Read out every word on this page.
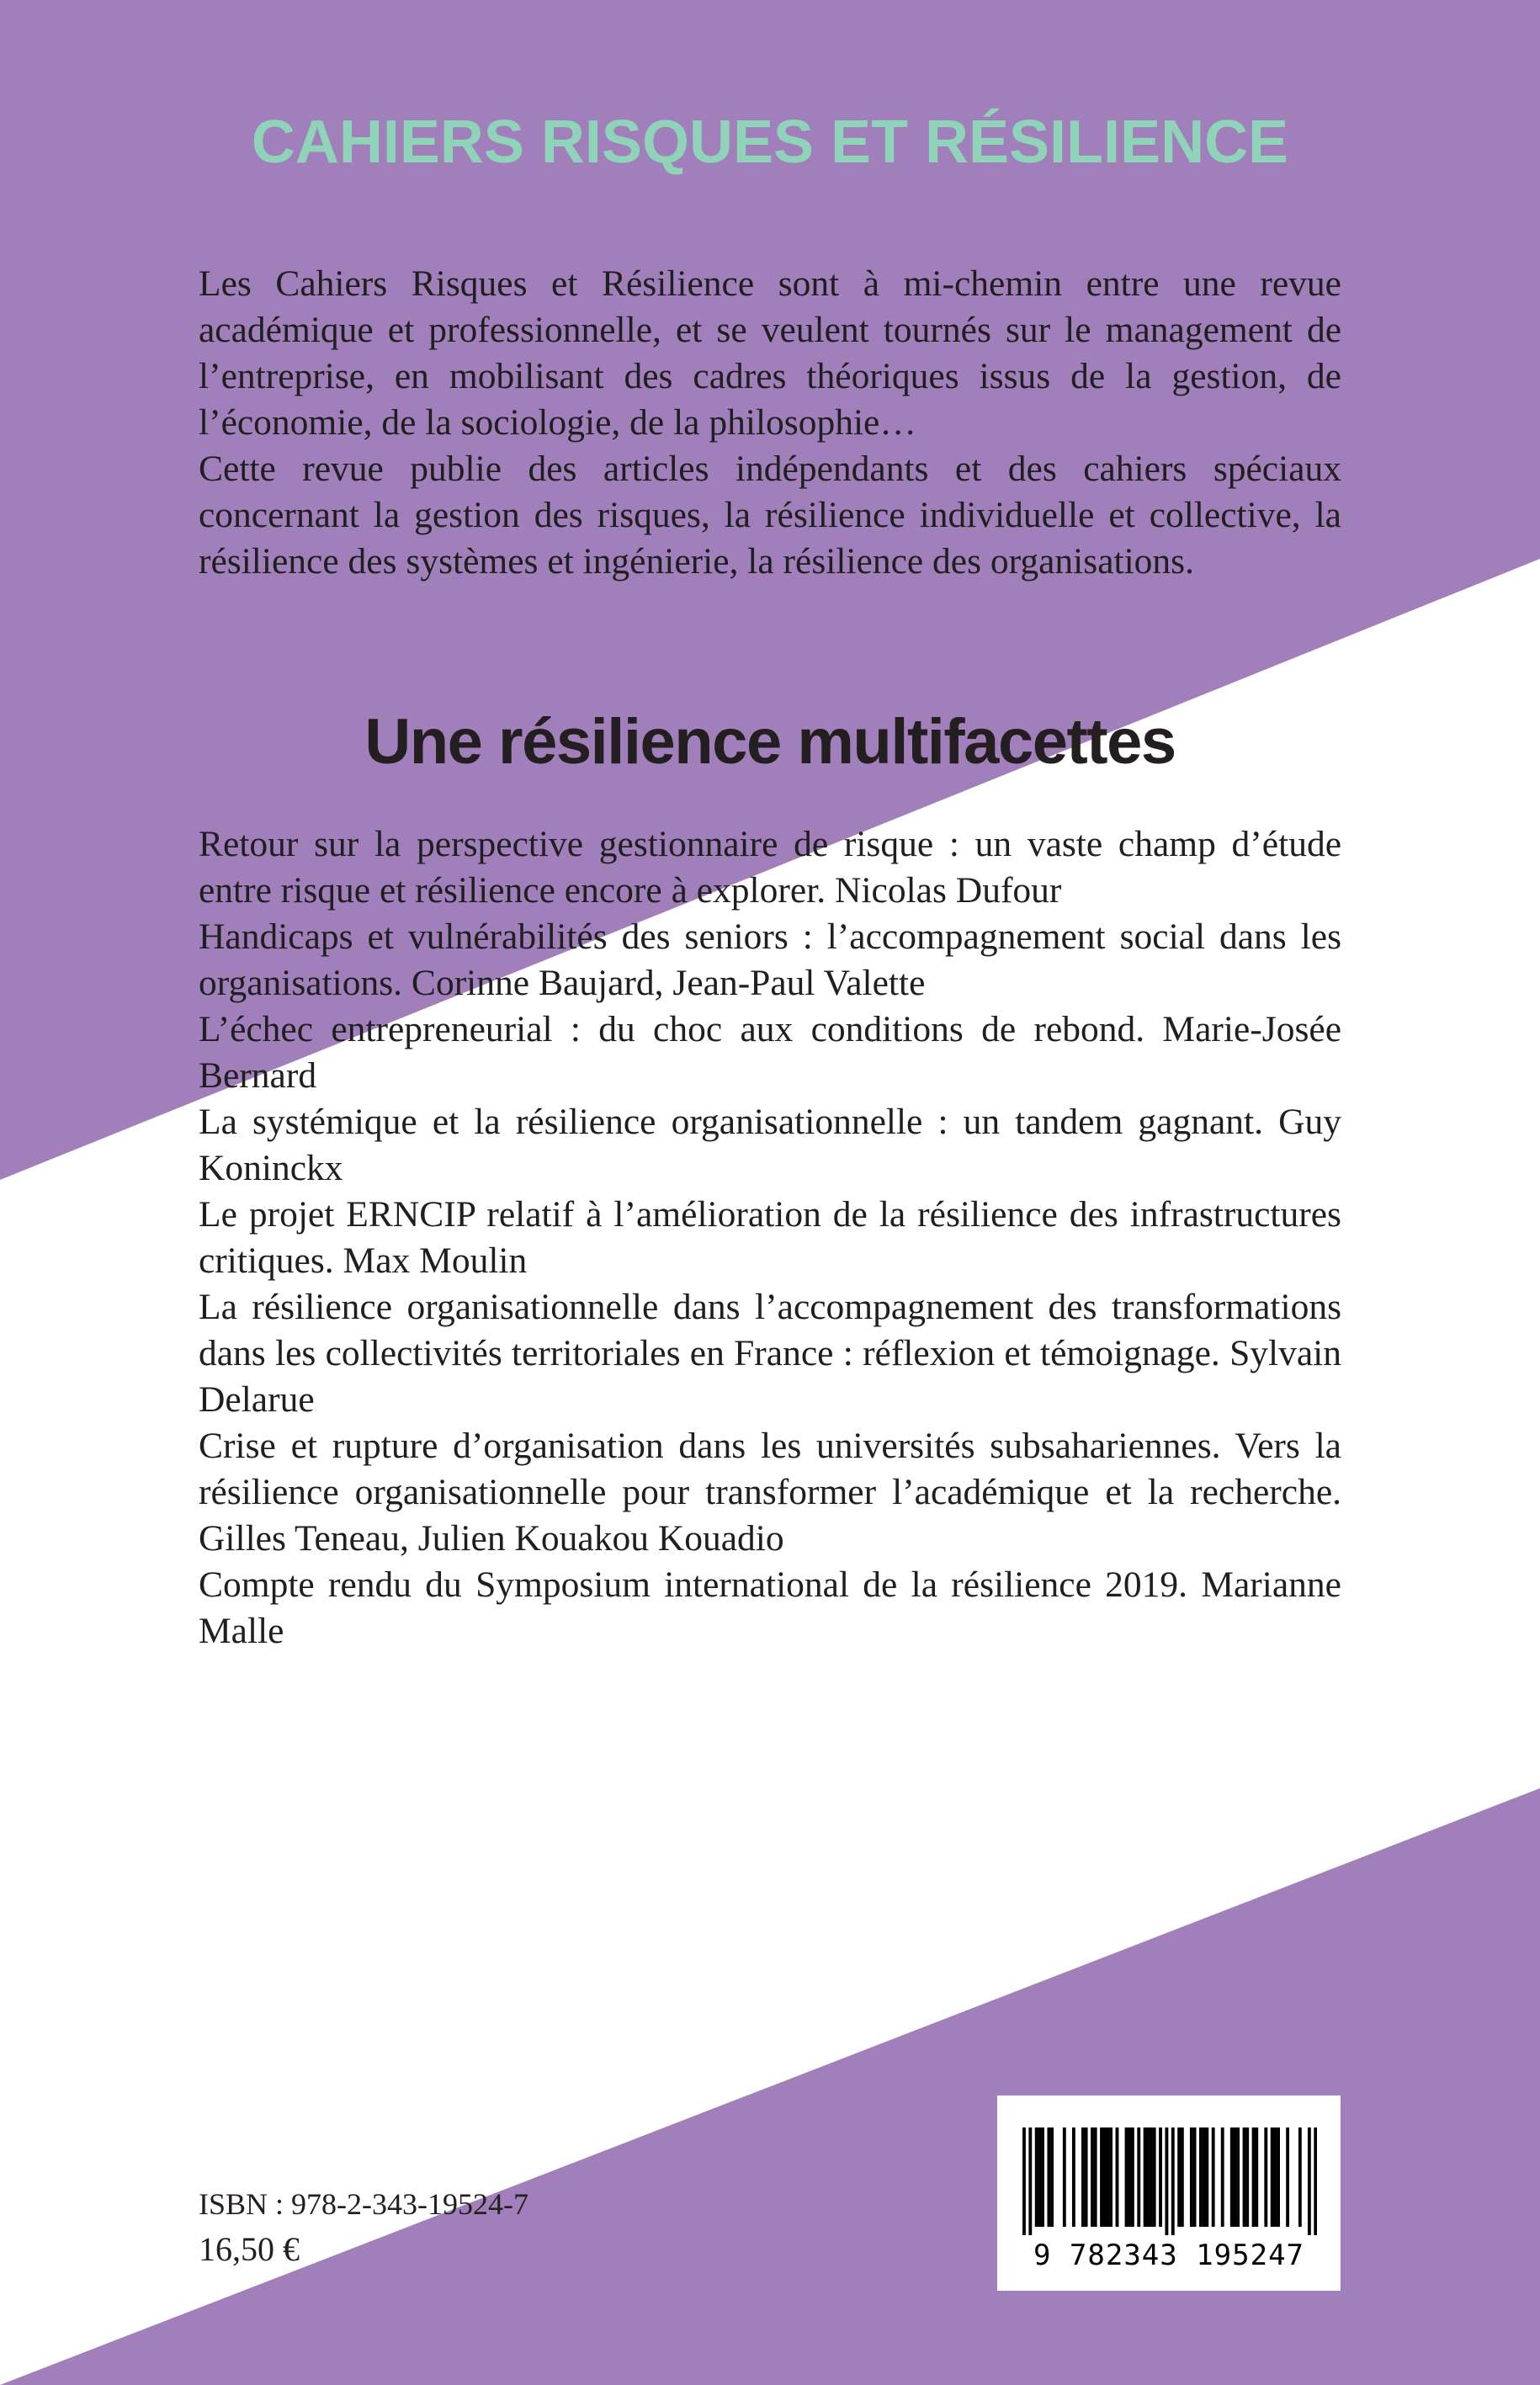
CAHIERS RISQUES ET RÉSILIENCE

Les Cahiers Risques et Résilience sont à mi-chemin entre une revue académique et professionnelle, et se veulent tournés sur le management de l’entreprise, en mobilisant des cadres théoriques issus de la gestion, de l’économie, de la sociologie, de la philosophie…

Cette revue publie des articles indépendants et des cahiers spéciaux concernant la gestion des risques, la résilience individuelle et collective, la résilience des systèmes et ingénierie, la résilience des organisations.

Une résilience multifacettes

Retour sur la perspective gestionnaire de risque : un vaste champ d’étude entre risque et résilience encore à explorer. Nicolas Dufour

Handicaps et vulnérabilités des seniors : l’accompagnement social dans les organisations. Corinne Baujard, Jean-Paul Valette

L’échec entrepreneurial : du choc aux conditions de rebond. Marie-Josée Bernard

La systémique et la résilience organisationnelle : un tandem gagnant. Guy Koninckx

Le projet ERNCIP relatif à l’amélioration de la résilience des infrastructures critiques. Max Moulin

La résilience organisationnelle dans l’accompagnement des transformations dans les collectivités territoriales en France : réflexion et témoignage. Sylvain Delarue

Crise et rupture d’organisation dans les universités subsahariennes. Vers la résilience organisationnelle pour transformer l’académique et la recherche. Gilles Teneau, Julien Kouakou Kouadio

Compte rendu du Symposium international de la résilience 2019. Marianne Malle

ISBN : 978-2-343-19524-7
16,50 €	9 782343 195247
